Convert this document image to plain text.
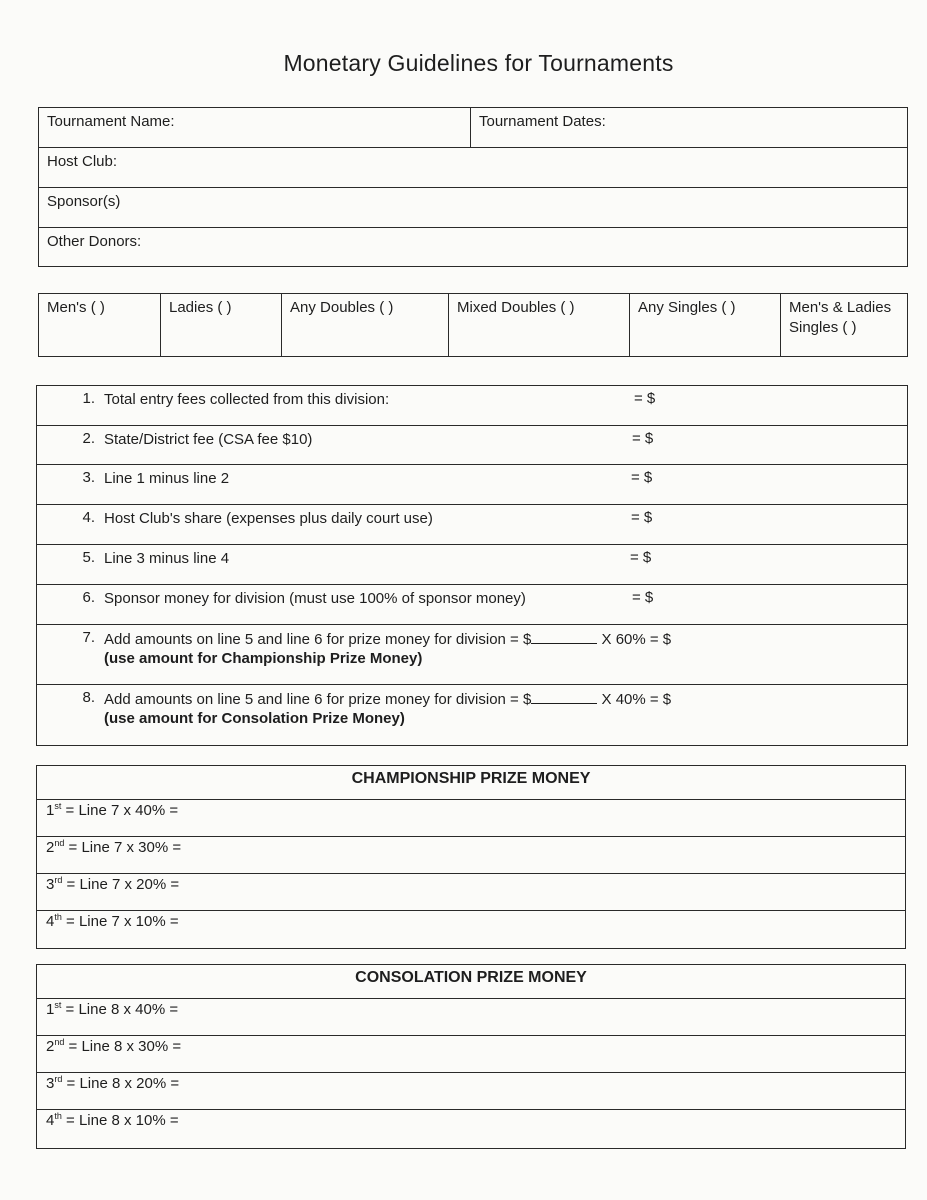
Monetary Guidelines for Tournaments
Tournament Name:	Tournament Dates:
Host Club:
Sponsor(s)
Other Donors:
Men's ( )	Ladies ( )	Any Doubles ( )	Mixed Doubles ( )	Any Singles ( )	Men's & Ladies Singles ( )
1. Total entry fees collected from this division:	= $
2. State/District fee (CSA fee $10)	= $
3. Line 1 minus line 2	= $
4. Host Club's share (expenses plus daily court use)	= $
5. Line 3 minus line 4	= $
6. Sponsor money for division (must use 100% of sponsor money)	= $
7. Add amounts on line 5 and line 6 for prize money for division = $	X 60% = $
(use amount for Championship Prize Money)
8. Add amounts on line 5 and line 6 for prize money for division = $	X 40% = $
(use amount for Consolation Prize Money)
CHAMPIONSHIP PRIZE MONEY
1st = Line 7 x 40% =
2nd = Line 7 x 30% =
3rd = Line 7 x 20% =
4th = Line 7 x 10% =
CONSOLATION PRIZE MONEY
1st = Line 8 x 40% =
2nd = Line 8 x 30% =
3rd = Line 8 x 20% =
4th = Line 8 x 10% =
